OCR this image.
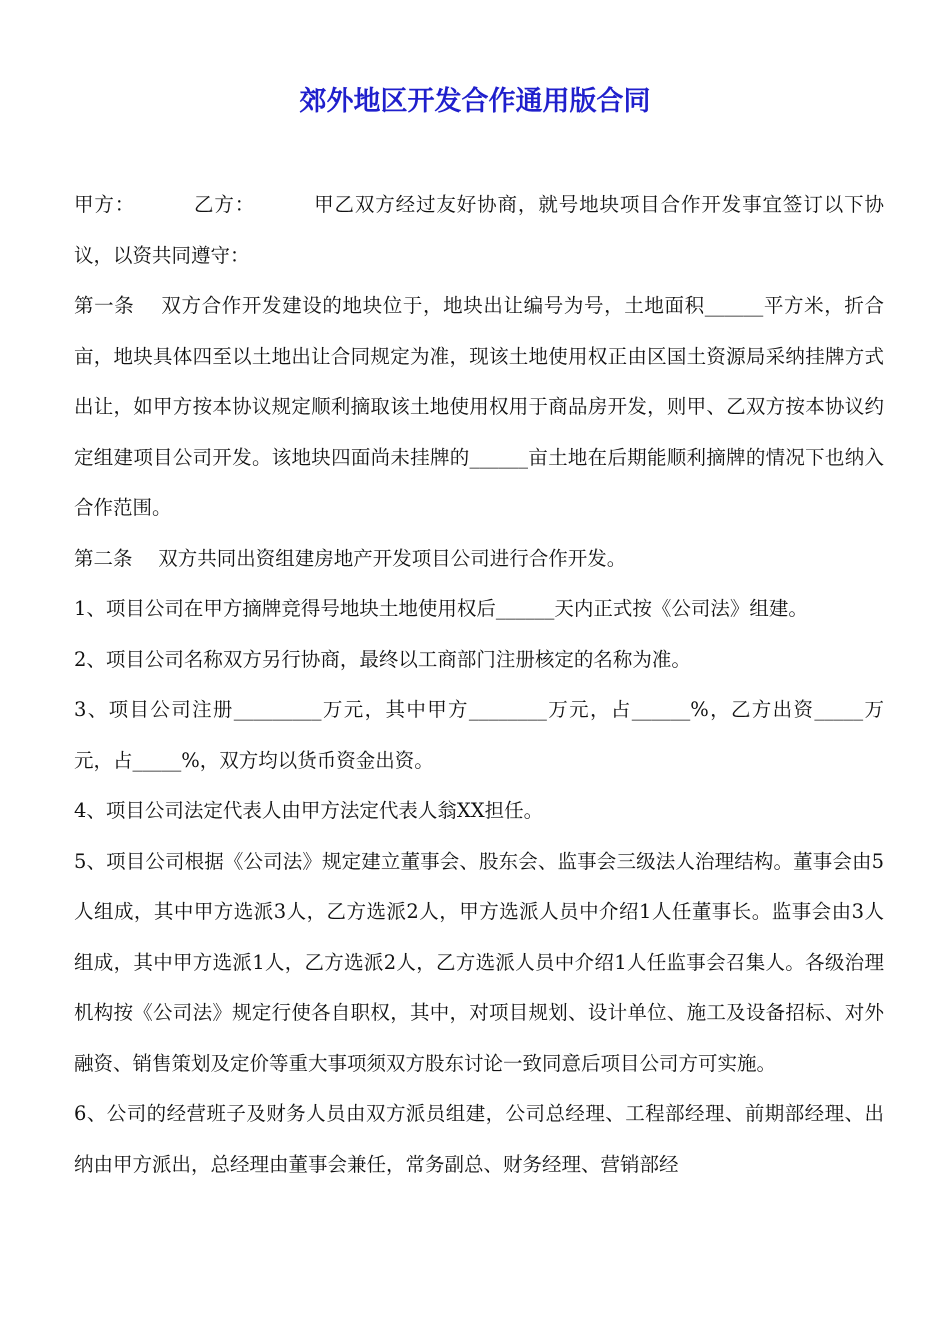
郊外地区开发合作通用版合同

甲方：	乙方：	甲乙双方经过友好协商，就号地块项目合作开发事宜签订以下协议，以资共同遵守：

第一条　 双方合作开发建设的地块位于，地块出让编号为号，土地面积______平方米，折合亩，地块具体四至以土地出让合同规定为准，现该土地使用权正由区国土资源局采纳挂牌方式出让，如甲方按本协议规定顺利摘取该土地使用权用于商品房开发，则甲、乙双方按本协议约定组建项目公司开发。该地块四面尚未挂牌的______亩土地在后期能顺利摘牌的情况下也纳入合作范围。

第二条　 双方共同出资组建房地产开发项目公司进行合作开发。

1、项目公司在甲方摘牌竞得号地块土地使用权后______天内正式按《公司法》组建。

2、项目公司名称双方另行协商，最终以工商部门注册核定的名称为准。

3、项目公司注册_________万元，其中甲方________万元，占______%，乙方出资_____万元，占_____%，双方均以货币资金出资。

4、项目公司法定代表人由甲方法定代表人翁XX担任。

5、项目公司根据《公司法》规定建立董事会、股东会、监事会三级法人治理结构。董事会由5人组成，其中甲方选派3人，乙方选派2人，甲方选派人员中介绍1人任董事长。监事会由3人组成，其中甲方选派1人，乙方选派2人，乙方选派人员中介绍1人任监事会召集人。各级治理机构按《公司法》规定行使各自职权，其中，对项目规划、设计单位、施工及设备招标、对外融资、销售策划及定价等重大事项须双方股东讨论一致同意后项目公司方可实施。

6、公司的经营班子及财务人员由双方派员组建，公司总经理、工程部经理、前期部经理、出纳由甲方派出，总经理由董事会兼任，常务副总、财务经理、营销部经
